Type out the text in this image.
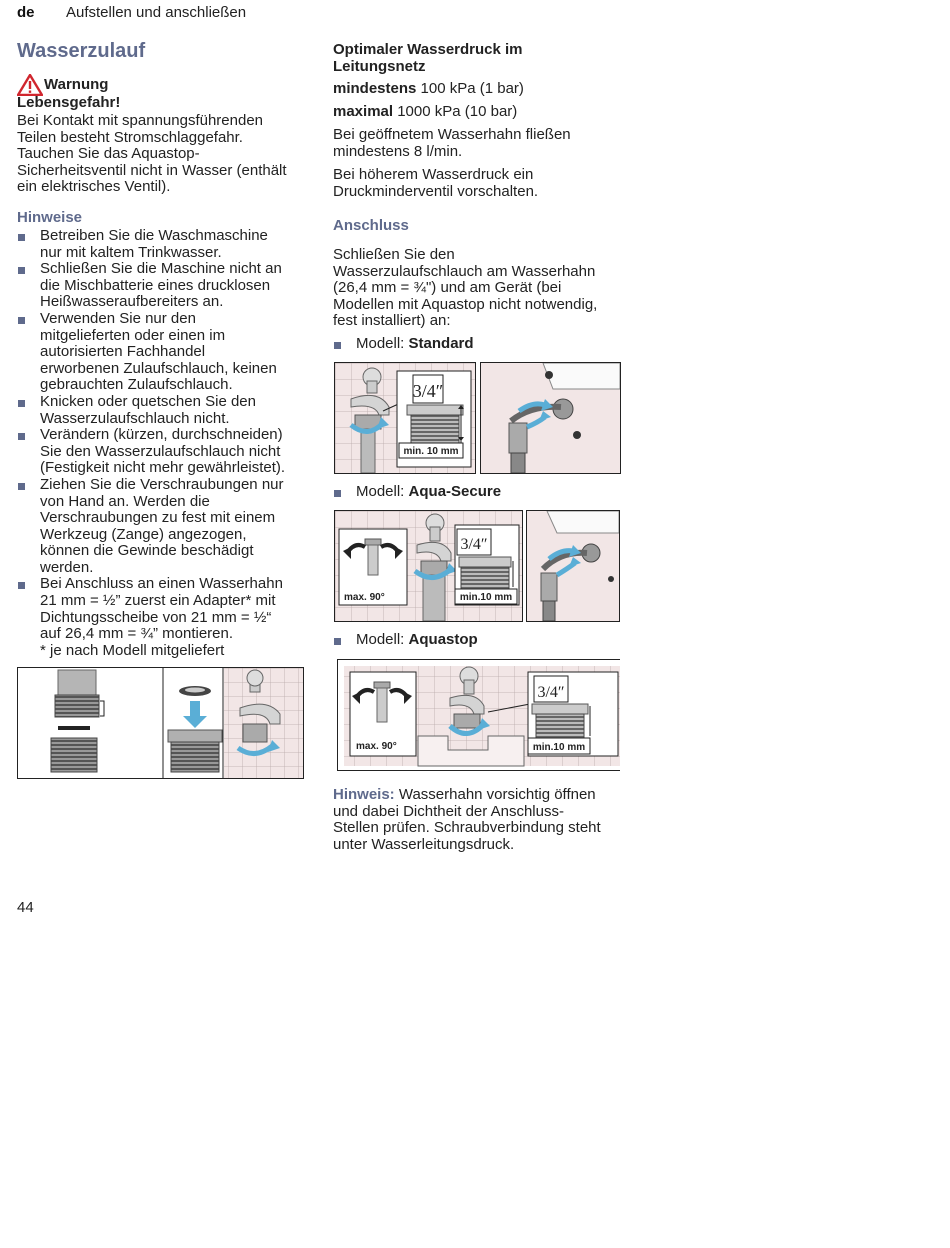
de Aufstellen und anschließen
Wasserzulauf
Warnung
Lebensgefahr!
Bei Kontakt mit spannungsführenden
Teilen besteht Stromschlaggefahr.
Tauchen Sie das Aquastop-
Sicherheitsventil nicht in Wasser (enthält
ein elektrisches Ventil).
Hinweise
Betreiben Sie die Waschmaschine
nur mit kaltem Trinkwasser.
Schließen Sie die Maschine nicht an
die Mischbatterie eines drucklosen
Heißwasseraufbereiters an.
Verwenden Sie nur den
mitgelieferten oder einen im
autorisierten Fachhandel
erworbenen Zulaufschlauch, keinen
gebrauchten Zulaufschlauch.
Knicken oder quetschen Sie den
Wasserzulaufschlauch nicht.
Verändern (kürzen, durchschneiden)
Sie den Wasserzulaufschlauch nicht
(Festigkeit nicht mehr gewährleistet).
Ziehen Sie die Verschraubungen nur
von Hand an. Werden die
Verschraubungen zu fest mit einem
Werkzeug (Zange) angezogen,
können die Gewinde beschädigt
werden.
Bei Anschluss an einen Wasserhahn
21 mm = ½” zuerst ein Adapter* mit
Dichtungsscheibe von 21 mm = ½“
auf 26,4 mm = ¾” montieren.
* je nach Modell mitgeliefert
Optimaler Wasserdruck im
Leitungsnetz
mindestens 100 kPa (1 bar)
maximal 1000 kPa (10 bar)
Bei geöffnetem Wasserhahn fließen
mindestens 8 l/min.
Bei höherem Wasserdruck ein
Druckminderventil vorschalten.
Anschluss
Schließen Sie den
Wasserzulaufschlauch am Wasserhahn
(26,4 mm = ¾") und am Gerät (bei
Modellen mit Aquastop nicht notwendig,
fest installiert) an:
Modell: Standard
3/4″
min. 10 mm
Modell: Aqua-Secure
max. 90°
3/4″
min.10 mm
Modell: Aquastop
max. 90°
3/4″
min.10 mm
Hinweis: Wasserhahn vorsichtig öffnen
und dabei Dichtheit der Anschluss-
Stellen prüfen. Schraubverbindung steht
unter Wasserleitungsdruck.
44
